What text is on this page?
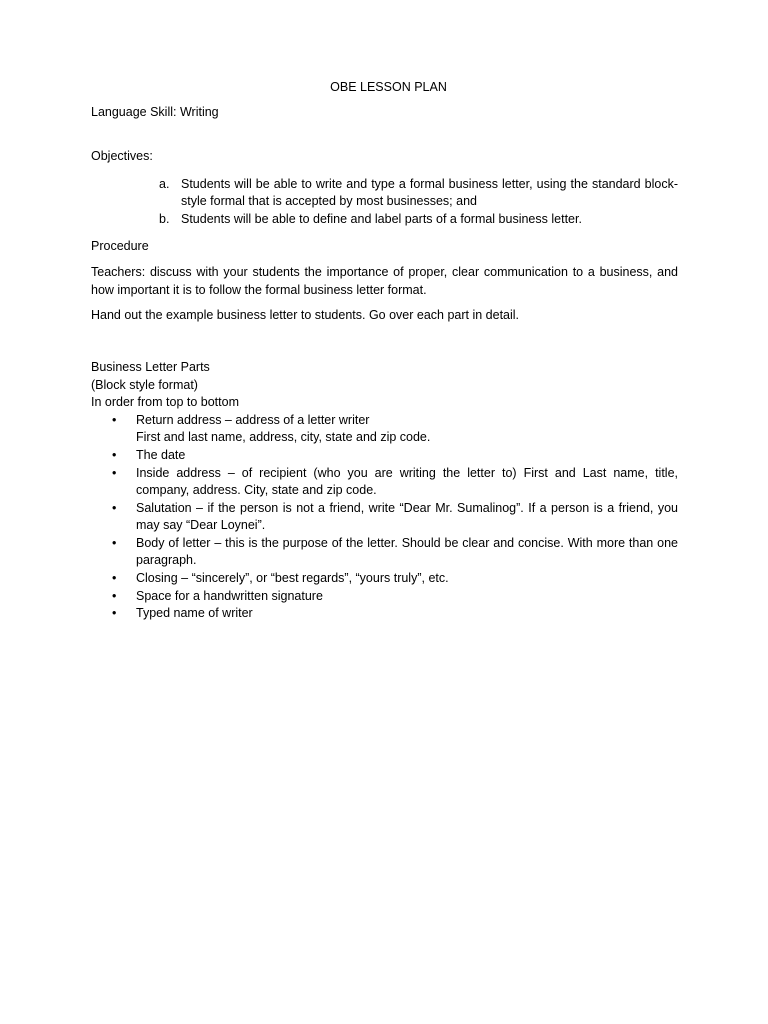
OBE LESSON PLAN

Language Skill: Writing

Objectives:

a. Students will be able to write and type a formal business letter, using the standard block-style formal that is accepted by most businesses; and
b. Students will be able to define and label parts of a formal business letter.

Procedure

Teachers: discuss with your students the importance of proper, clear communication to a business, and how important it is to follow the formal business letter format.

Hand out the example business letter to students. Go over each part in detail.

Business Letter Parts

(Block style format)

In order from top to bottom

• Return address – address of a letter writer
First and last name, address, city, state and zip code.
• The date
• Inside address – of recipient (who you are writing the letter to) First and Last name, title, company, address. City, state and zip code.
• Salutation – if the person is not a friend, write “Dear Mr. Sumalinog”. If a person is a friend, you may say “Dear Loynei”.
• Body of letter – this is the purpose of the letter. Should be clear and concise. With more than one paragraph.
• Closing – “sincerely”, or “best regards”, “yours truly”, etc.
• Space for a handwritten signature
• Typed name of writer
